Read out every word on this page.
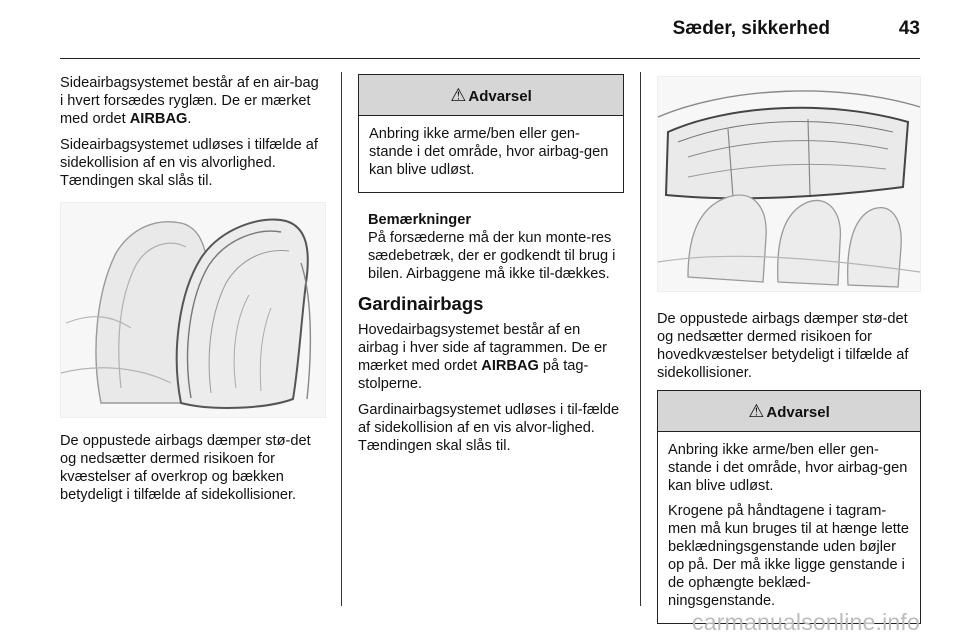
Sæder, sikkerhed	43

Sideairbagsystemet består af en air-bag i hvert forsædes ryglæn. De er mærket med ordet AIRBAG.

Sideairbagsystemet udløses i tilfælde af sidekollision af en vis alvorlighed. Tændingen skal slås til.

De oppustede airbags dæmper stø-det og nedsætter dermed risikoen for kvæstelser af overkrop og bækken betydeligt i tilfælde af sidekollisioner.

⚠ Advarsel

Anbring ikke arme/ben eller gen-stande i det område, hvor airbag-gen kan blive udløst.

Bemærkninger
På forsæderne må der kun monte-res sædebetræk, der er godkendt til brug i bilen. Airbaggene må ikke til-dækkes.

Gardinairbags

Hovedairbagsystemet består af en airbag i hver side af tagrammen. De er mærket med ordet AIRBAG på tag-stolperne.

Gardinairbagsystemet udløses i til-fælde af sidekollision af en vis alvor-lighed. Tændingen skal slås til.

De oppustede airbags dæmper stø-det og nedsætter dermed risikoen for hovedkvæstelser betydeligt i tilfælde af sidekollisioner.

⚠ Advarsel

Anbring ikke arme/ben eller gen-stande i det område, hvor airbag-gen kan blive udløst.

Krogene på håndtagene i tagram-men må kun bruges til at hænge lette beklædningsgenstande uden bøjler op på. Der må ikke ligge genstande i de ophængte beklæd-ningsgenstande.

carmanualsonline.info
